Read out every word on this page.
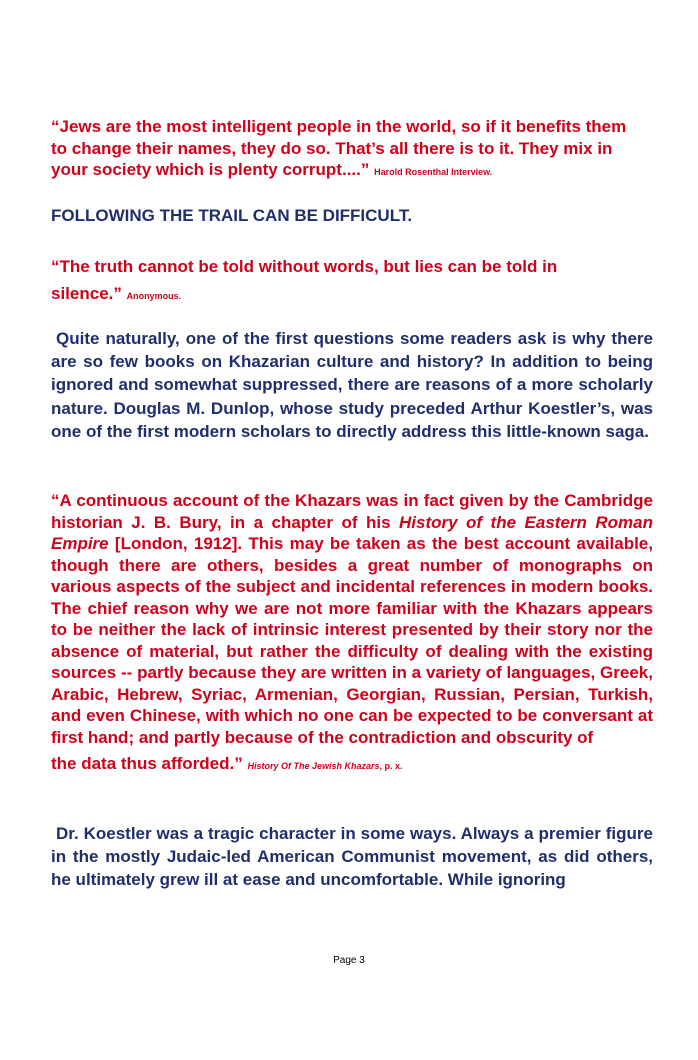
“Jews are the most intelligent people in the world, so if it benefits them
to change their names, they do so. That’s all there is to it. They mix in
your society which is plenty corrupt....” Harold Rosenthal Interview.
FOLLOWING THE TRAIL CAN BE DIFFICULT.
“The truth cannot be told without words, but lies can be told in
silence.” Anonymous.
Quite naturally, one of the first questions some readers ask is why there are so few books on Khazarian culture and history? In addition to being ignored and somewhat suppressed, there are reasons of a more scholarly nature. Douglas M. Dunlop, whose study preceded Arthur Koestler’s, was one of the first modern scholars to directly address this little-known saga.
“A continuous account of the Khazars was in fact given by the Cambridge historian J. B. Bury, in a chapter of his History of the Eastern Roman Empire [London, 1912]. This may be taken as the best account available, though there are others, besides a great number of monographs on various aspects of the subject and incidental references in modern books. The chief reason why we are not more familiar with the Khazars appears to be neither the lack of intrinsic interest presented by their story nor the absence of material, but rather the difficulty of dealing with the existing sources -- partly because they are written in a variety of languages, Greek, Arabic, Hebrew, Syriac, Armenian, Georgian, Russian, Persian, Turkish, and even Chinese, with which no one can be expected to be conversant at first hand; and partly because of the contradiction and obscurity of
the data thus afforded.” History Of The Jewish Khazars, p. x.
Dr. Koestler was a tragic character in some ways. Always a premier figure in the mostly Judaic-led American Communist movement, as did others, he ultimately grew ill at ease and uncomfortable. While ignoring
Page 3
